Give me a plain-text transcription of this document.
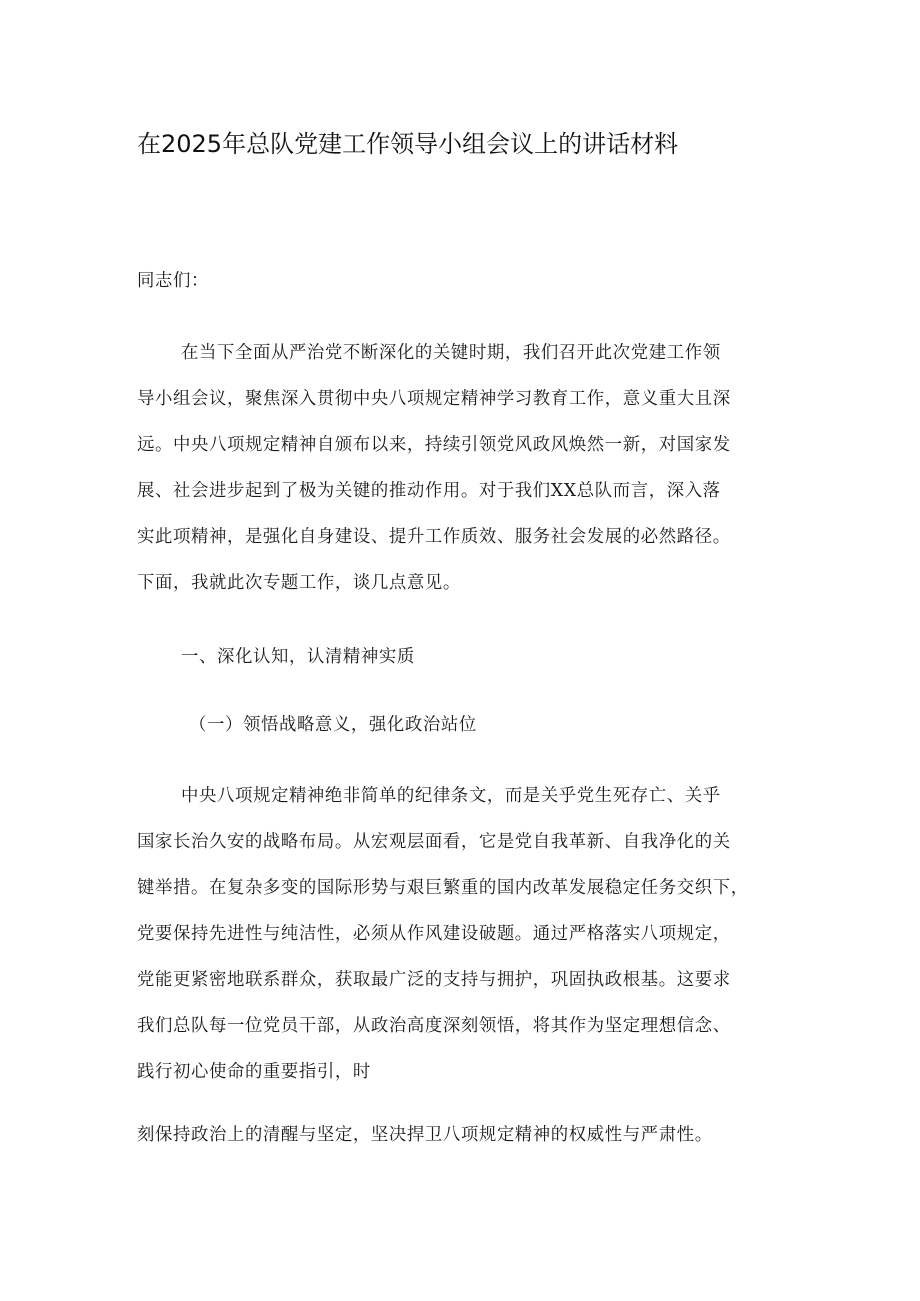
在2025年总队党建工作领导小组会议上的讲话材料
同志们：
在当下全面从严治党不断深化的关键时期，我们召开此次党建工作领
导小组会议，聚焦深入贯彻中央八项规定精神学习教育工作，意义重大且深
远。中央八项规定精神自颁布以来，持续引领党风政风焕然一新，对国家发
展、社会进步起到了极为关键的推动作用。对于我们XX总队而言，深入落
实此项精神，是强化自身建设、提升工作质效、服务社会发展的必然路径。
下面，我就此次专题工作，谈几点意见。
一、深化认知，认清精神实质
（一）领悟战略意义，强化政治站位
中央八项规定精神绝非简单的纪律条文，而是关乎党生死存亡、关乎
国家长治久安的战略布局。从宏观层面看，它是党自我革新、自我净化的关
键举措。在复杂多变的国际形势与艰巨繁重的国内改革发展稳定任务交织下，
党要保持先进性与纯洁性，必须从作风建设破题。通过严格落实八项规定，
党能更紧密地联系群众，获取最广泛的支持与拥护，巩固执政根基。这要求
我们总队每一位党员干部，从政治高度深刻领悟，将其作为坚定理想信念、
践行初心使命的重要指引，时
刻保持政治上的清醒与坚定，坚决捍卫八项规定精神的权威性与严肃性。
